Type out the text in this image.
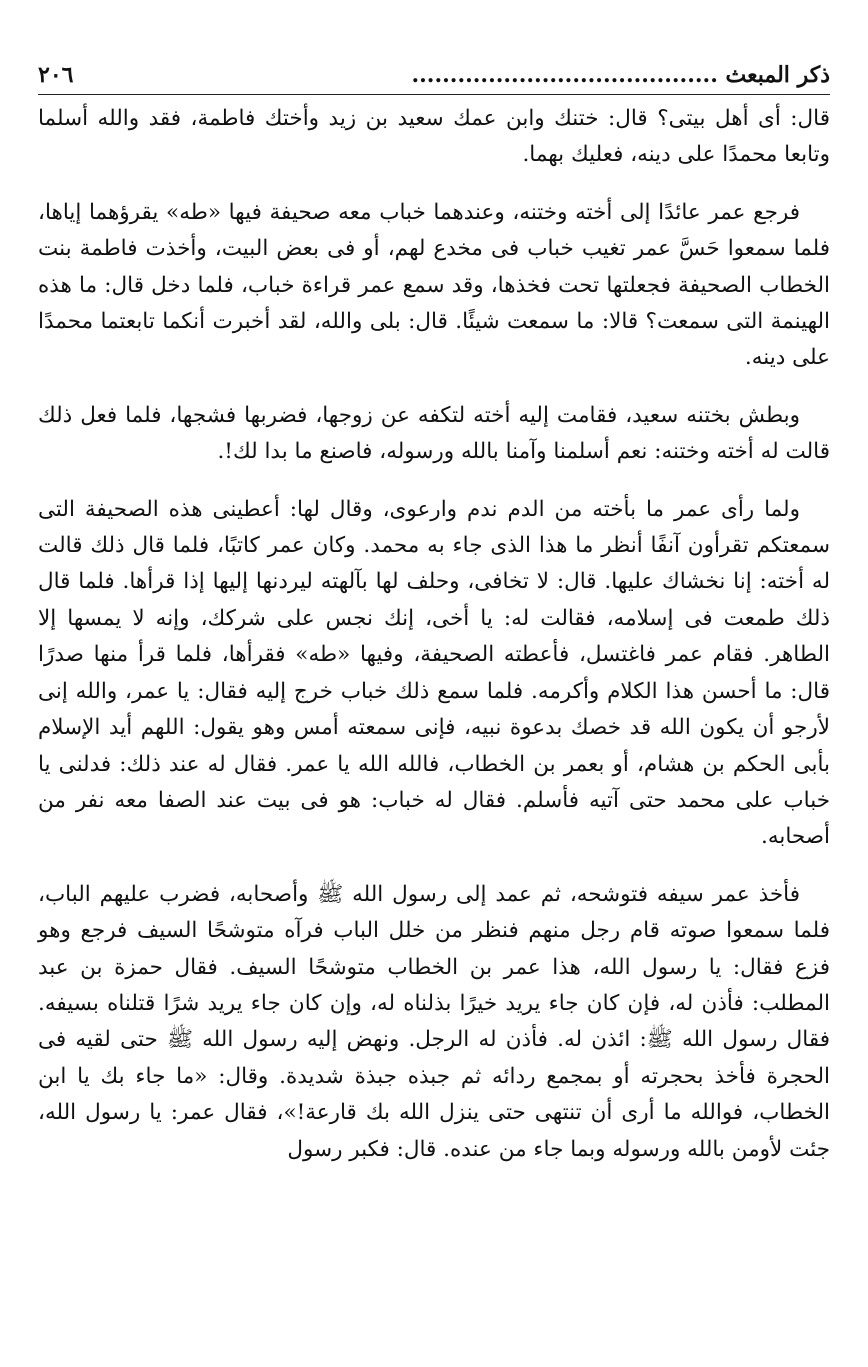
ذكر المبعث ........................................
٢٠٦

قال: أى أهل بيتى؟ قال: ختنك وابن عمك سعيد بن زيد وأختك فاطمة، فقد والله أسلما وتابعا محمدًا على دينه، فعليك بهما.

فرجع عمر عائدًا إلى أخته وختنه، وعندهما خباب معه صحيفة فيها «طه» يقرؤهما إياها، فلما سمعوا حَسَّ عمر تغيب خباب فى مخدع لهم، أو فى بعض البيت، وأخذت فاطمة بنت الخطاب الصحيفة فجعلتها تحت فخذها، وقد سمع عمر قراءة خباب، فلما دخل قال: ما هذه الهينمة التى سمعت؟ قالا: ما سمعت شيئًا. قال: بلى والله، لقد أخبرت أنكما تابعتما محمدًا على دينه.

وبطش بختنه سعيد، فقامت إليه أخته لتكفه عن زوجها، فضربها فشجها، فلما فعل ذلك قالت له أخته وختنه: نعم أسلمنا وآمنا بالله ورسوله، فاصنع ما بدا لك!.

ولما رأى عمر ما بأخته من الدم ندم وارعوى، وقال لها: أعطينى هذه الصحيفة التى سمعتكم تقرأون آنفًا أنظر ما هذا الذى جاء به محمد. وكان عمر كاتبًا، فلما قال ذلك قالت له أخته: إنا نخشاك عليها. قال: لا تخافى، وحلف لها بآلهته ليردنها إليها إذا قرأها. فلما قال ذلك طمعت فى إسلامه، فقالت له: يا أخى، إنك نجس على شركك، وإنه لا يمسها إلا الطاهر. فقام عمر فاغتسل، فأعطته الصحيفة، وفيها «طه» فقرأها، فلما قرأ منها صدرًا قال: ما أحسن هذا الكلام وأكرمه. فلما سمع ذلك خباب خرج إليه فقال: يا عمر، والله إنى لأرجو أن يكون الله قد خصك بدعوة نبيه، فإنى سمعته أمس وهو يقول: اللهم أيد الإسلام بأبى الحكم بن هشام، أو بعمر بن الخطاب، فالله الله يا عمر. فقال له عند ذلك: فدلنى يا خباب على محمد حتى آتيه فأسلم. فقال له خباب: هو فى بيت عند الصفا معه نفر من أصحابه.

فأخذ عمر سيفه فتوشحه، ثم عمد إلى رسول الله ﷺ وأصحابه، فضرب عليهم الباب، فلما سمعوا صوته قام رجل منهم فنظر من خلل الباب فرآه متوشحًا السيف فرجع وهو فزع فقال: يا رسول الله، هذا عمر بن الخطاب متوشحًا السيف. فقال حمزة بن عبد المطلب: فأذن له، فإن كان جاء يريد خيرًا بذلناه له، وإن كان جاء يريد شرًا قتلناه بسيفه. فقال رسول الله ﷺ: ائذن له. فأذن له الرجل. ونهض إليه رسول الله ﷺ حتى لقيه فى الحجرة فأخذ بحجرته أو بمجمع ردائه ثم جبذه جبذة شديدة. وقال: «ما جاء بك يا ابن الخطاب، فوالله ما أرى أن تنتهى حتى ينزل الله بك قارعة!»، فقال عمر: يا رسول الله، جئت لأومن بالله ورسوله وبما جاء من عنده. قال: فكبر رسول
